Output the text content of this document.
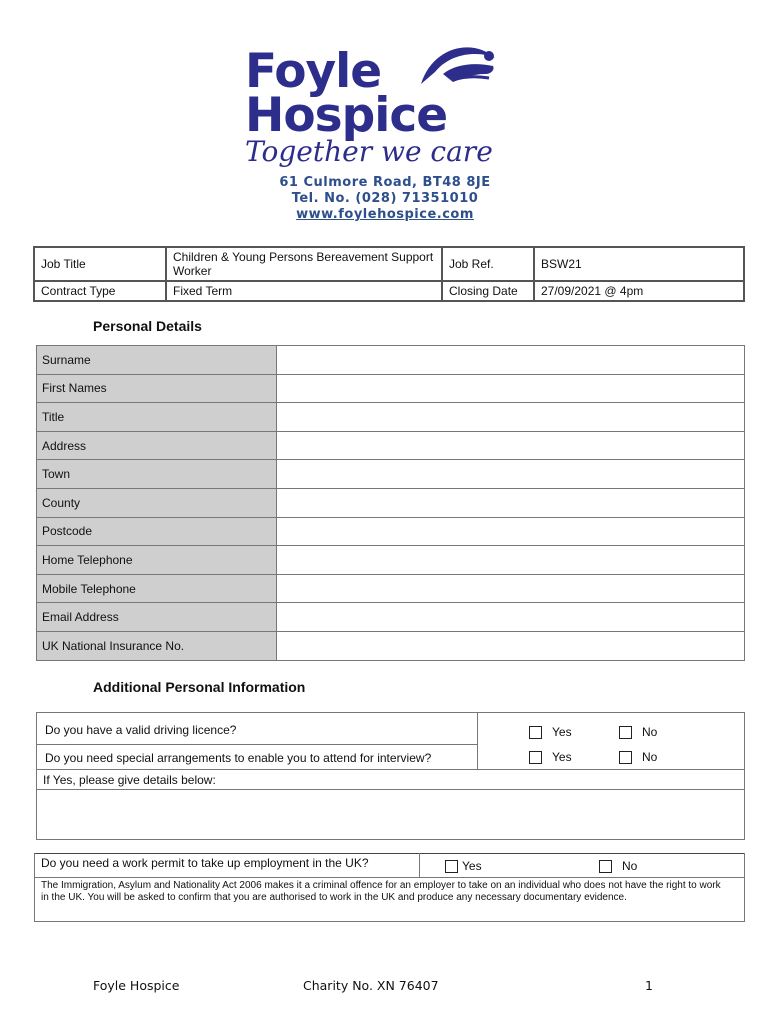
Foyle
Hospice
Together we care
61 Culmore Road, BT48 8JE
Tel. No. (028) 71351010
www.foylehospice.com
Job Title	Children & Young Persons Bereavement Support Worker	Job Ref.	BSW21
Contract Type	Fixed Term	Closing Date	27/09/2021 @ 4pm
Personal Details
Surname	
First Names	
Title	
Address	
Town	
County	
Postcode	
Home Telephone	
Mobile Telephone	
Email Address	
UK National Insurance No.	
Additional Personal Information
Do you have a valid driving licence?	Yes	No
Do you need special arrangements to enable you to attend for interview?	Yes	No
If Yes, please give details below:
Do you need a work permit to take up employment in the UK?	Yes	No
The Immigration, Asylum and Nationality Act 2006 makes it a criminal offence for an employer to take on an individual who does not have the right to work in the UK. You will be asked to confirm that you are authorised to work in the UK and produce any necessary documentary evidence.
Foyle Hospice	Charity No. XN 76407	1
